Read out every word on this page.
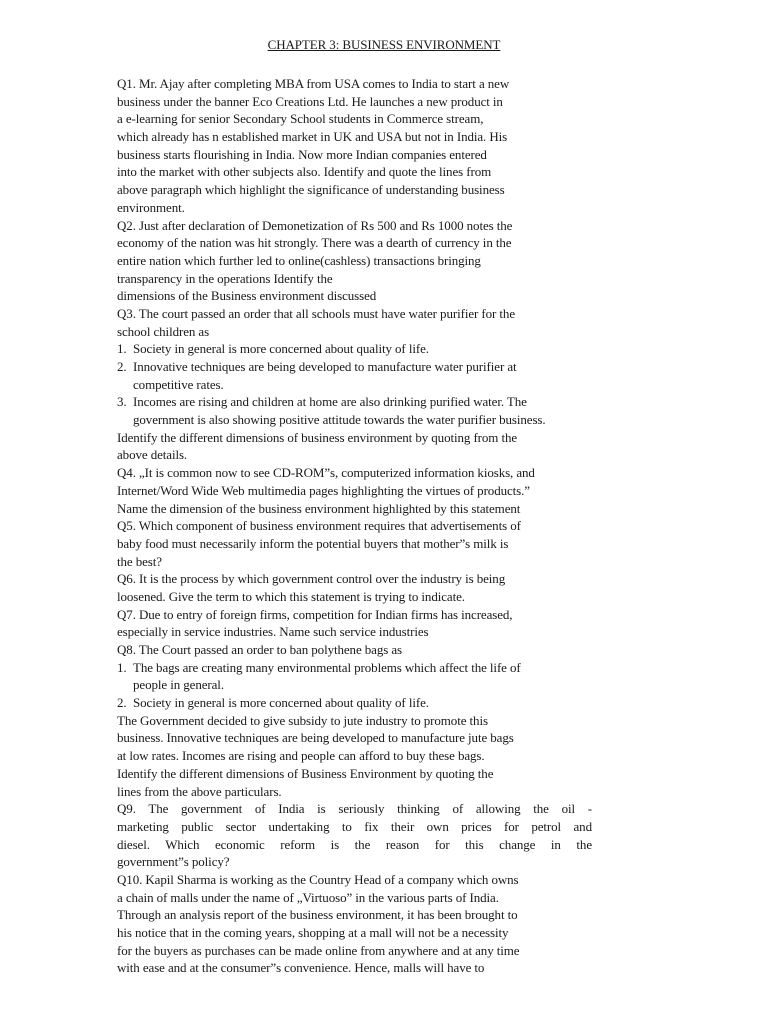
CHAPTER 3: BUSINESS ENVIRONMENT
Q1. Mr. Ajay after completing MBA from USA comes to India to start a new
business under the banner Eco Creations Ltd. He launches a new product in
a e-learning for senior Secondary School students in Commerce stream,
which already has n established market in UK and USA but not in India. His
business starts flourishing in India. Now more Indian companies entered
into the market with other subjects also. Identify and quote the lines from
above paragraph which highlight the significance of understanding business
environment.
Q2. Just after declaration of Demonetization of Rs 500 and Rs 1000 notes the
economy of the nation was hit strongly. There was a dearth of currency in the
entire nation which further led to online(cashless) transactions bringing
transparency in the operations Identify the
dimensions of the Business environment discussed
Q3. The court passed an order that all schools must have water purifier for the
school children as
1. Society in general is more concerned about quality of life.
2. Innovative techniques are being developed to manufacture water purifier at
competitive rates.
3. Incomes are rising and children at home are also drinking purified water. The
government is also showing positive attitude towards the water purifier business.
Identify the different dimensions of business environment by quoting from the
above details.
Q4. „It is common now to see CD-ROM”s, computerized information kiosks, and
Internet/Word Wide Web multimedia pages highlighting the virtues of products.”
Name the dimension of the business environment highlighted by this statement
Q5. Which component of business environment requires that advertisements of
baby food must necessarily inform the potential buyers that mother”s milk is
the best?
Q6. It is the process by which government control over the industry is being
loosened. Give the term to which this statement is trying to indicate.
Q7. Due to entry of foreign firms, competition for Indian firms has increased,
especially in service industries. Name such service industries
Q8. The Court passed an order to ban polythene bags as
1. The bags are creating many environmental problems which affect the life of
people in general.
2. Society in general is more concerned about quality of life.
The Government decided to give subsidy to jute industry to promote this
business. Innovative techniques are being developed to manufacture jute bags
at low rates. Incomes are rising and people can afford to buy these bags.
Identify the different dimensions of Business Environment by quoting the
lines from the above particulars.
Q9. The government of India is seriously thinking of allowing the oil -
marketing public sector undertaking to fix their own prices for petrol and
diesel. Which economic reform is the reason for this change in the
government”s policy?
Q10. Kapil Sharma is working as the Country Head of a company which owns
a chain of malls under the name of „Virtuoso” in the various parts of India.
Through an analysis report of the business environment, it has been brought to
his notice that in the coming years, shopping at a mall will not be a necessity
for the buyers as purchases can be made online from anywhere and at any time
with ease and at the consumer”s convenience. Hence, malls will have to
